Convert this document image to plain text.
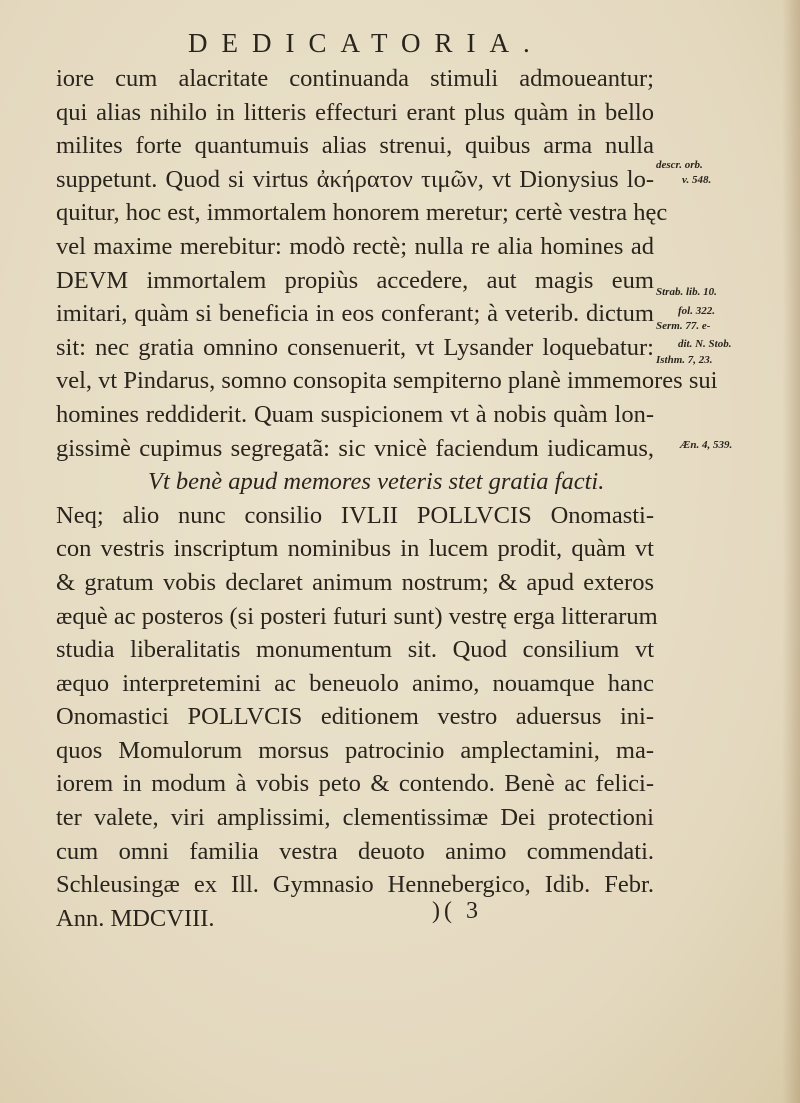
DEDICATORIA.
iore cum alacritate continuanda stimuli admoueantur;
qui alias nihilo in litteris effecturi erant plus quàm in bello
milites forte quantumuis alias strenui, quibus arma nulla
suppetunt. Quod si virtus ἀκήρατον τιμῶν, vt Dionysius lo-
quitur, hoc est, immortalem honorem meretur; certè vestra hęc
vel maxime merebitur: modò rectè; nulla re alia homines ad
DEVM immortalem propiùs accedere, aut magis eum
imitari, quàm si beneficia in eos conferant; à veterib. dictum
sit: nec gratia omnino consenuerit, vt Lysander loquebatur:
vel, vt Pindarus, somno consopita sempiterno planè immemores sui
homines reddiderit. Quam suspicionem vt à nobis quàm lon-
gissimè cupimus segregatã: sic vnicè faciendum iudicamus,
Vt benè apud memores veteris stet gratia facti.
Neq; alio nunc consilio IVLII POLLVCIS Onomasti-
con vestris inscriptum nominibus in lucem prodit, quàm vt
& gratum vobis declaret animum nostrum; & apud exteros
æquè ac posteros (si posteri futuri sunt) vestrę erga litterarum
studia liberalitatis monumentum sit. Quod consilium vt
æquo interpretemini ac beneuolo animo, nouamque hanc
Onomastici POLLVCIS editionem vestro aduersus ini-
quos Momulorum morsus patrocinio amplectamini, ma-
iorem in modum à vobis peto & contendo. Benè ac felici-
ter valete, viri amplissimi, clementissimæ Dei protectioni
cum omni familia vestra deuoto animo commendati.
Schleusingæ ex Ill. Gymnasio Hennebergico, Idib. Febr.
Ann. MDCVIII.
descr. orb.
v. 548.
Strab. lib. 10.
fol. 322.
Serm. 77. e-
dit. N. Stob.
Isthm. 7, 23.
Æn. 4, 539.
)( 3
